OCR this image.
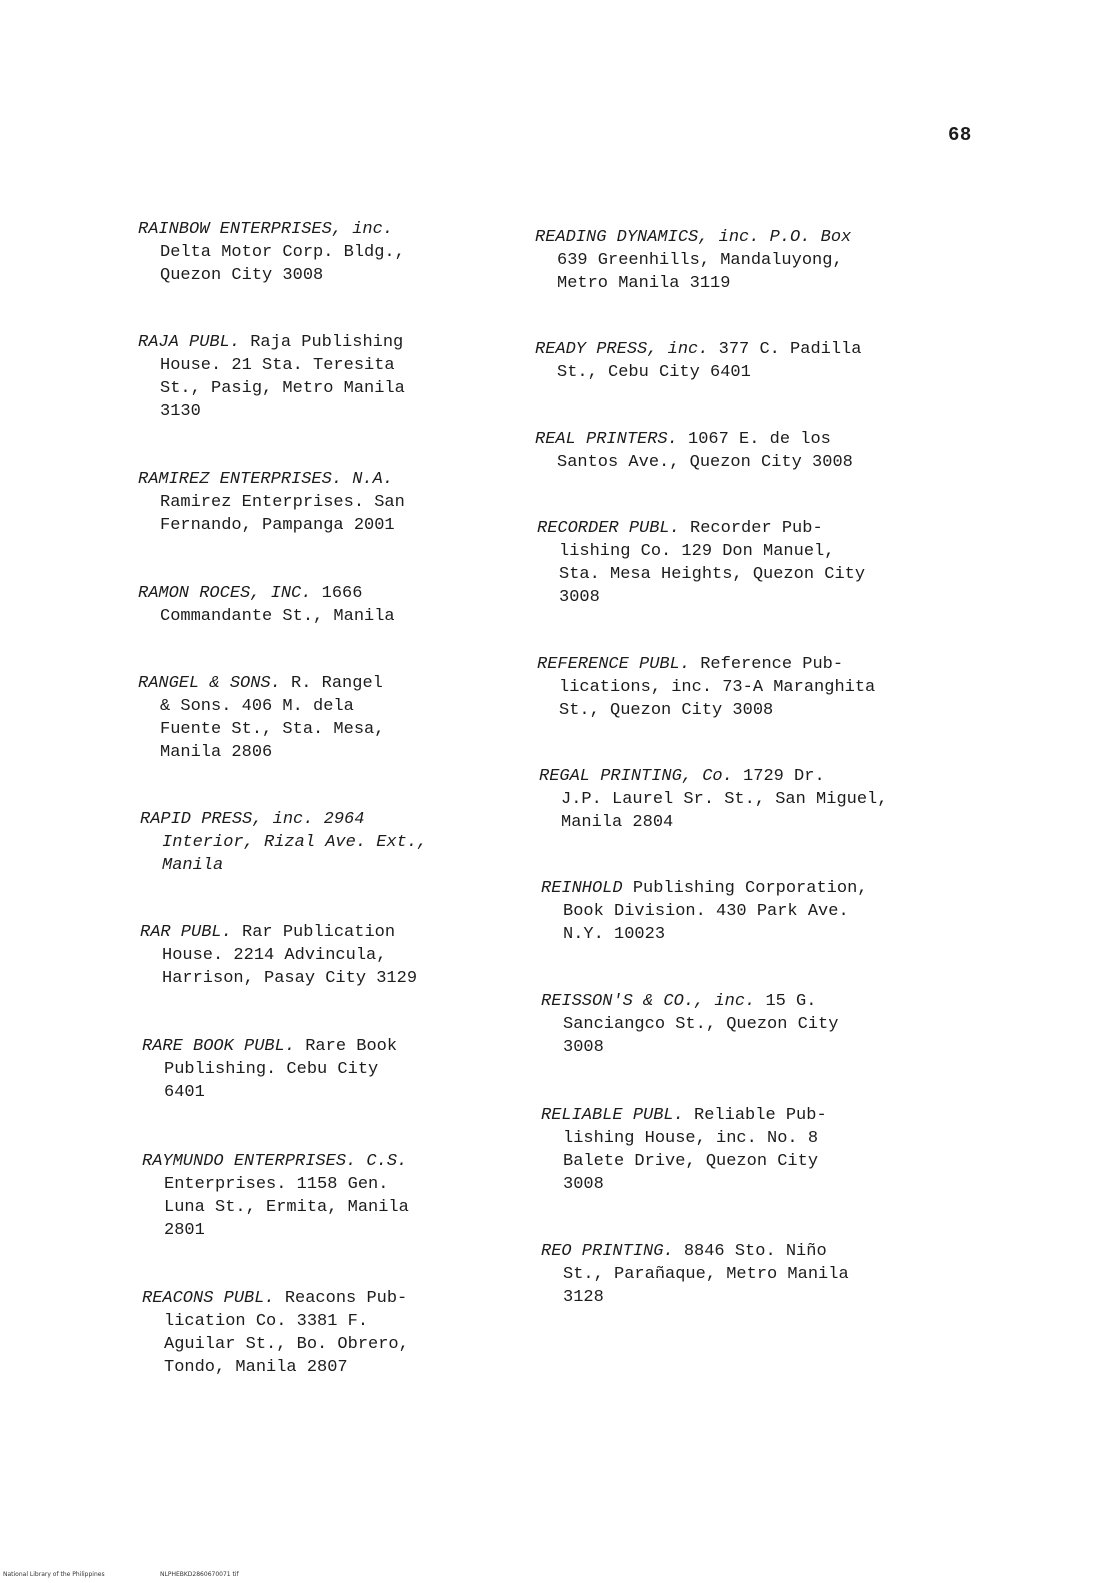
68
RAINBOW ENTERPRISES, inc.
Delta Motor Corp. Bldg.,
Quezon City 3008
RAJA PUBL. Raja Publishing
House. 21 Sta. Teresita
St., Pasig, Metro Manila
3130
RAMIREZ ENTERPRISES. N.A.
Ramirez Enterprises. San
Fernando, Pampanga 2001
RAMON ROCES, INC. 1666
Commandante St., Manila
RANGEL & SONS. R. Rangel
& Sons. 406 M. dela
Fuente St., Sta. Mesa,
Manila 2806
RAPID PRESS, inc. 2964
Interior, Rizal Ave. Ext.,
Manila
RAR PUBL. Rar Publication
House. 2214 Advincula,
Harrison, Pasay City 3129
RARE BOOK PUBL. Rare Book
Publishing. Cebu City
6401
RAYMUNDO ENTERPRISES. C.S.
Enterprises. 1158 Gen.
Luna St., Ermita, Manila
2801
REACONS PUBL. Reacons Pub-
lication Co. 3381 F.
Aguilar St., Bo. Obrero,
Tondo, Manila 2807
READING DYNAMICS, inc. P.O. Box
639 Greenhills, Mandaluyong,
Metro Manila 3119
READY PRESS, inc. 377 C. Padilla
St., Cebu City 6401
REAL PRINTERS. 1067 E. de los
Santos Ave., Quezon City 3008
RECORDER PUBL. Recorder Pub-
lishing Co. 129 Don Manuel,
Sta. Mesa Heights, Quezon City
3008
REFERENCE PUBL. Reference Pub-
lications, inc. 73-A Maranghita
St., Quezon City 3008
REGAL PRINTING, Co. 1729 Dr.
J.P. Laurel Sr. St., San Miguel,
Manila 2804
REINHOLD Publishing Corporation,
Book Division. 430 Park Ave.
N.Y. 10023
REISSON'S & CO., inc. 15 G.
Sanciangco St., Quezon City
3008
RELIABLE PUBL. Reliable Pub-
lishing House, inc. No. 8
Balete Drive, Quezon City
3008
REO PRINTING. 8846 Sto. Niño
St., Parañaque, Metro Manila
3128
National Library of the Philippines	NLPHEBKD2860670071 tif
